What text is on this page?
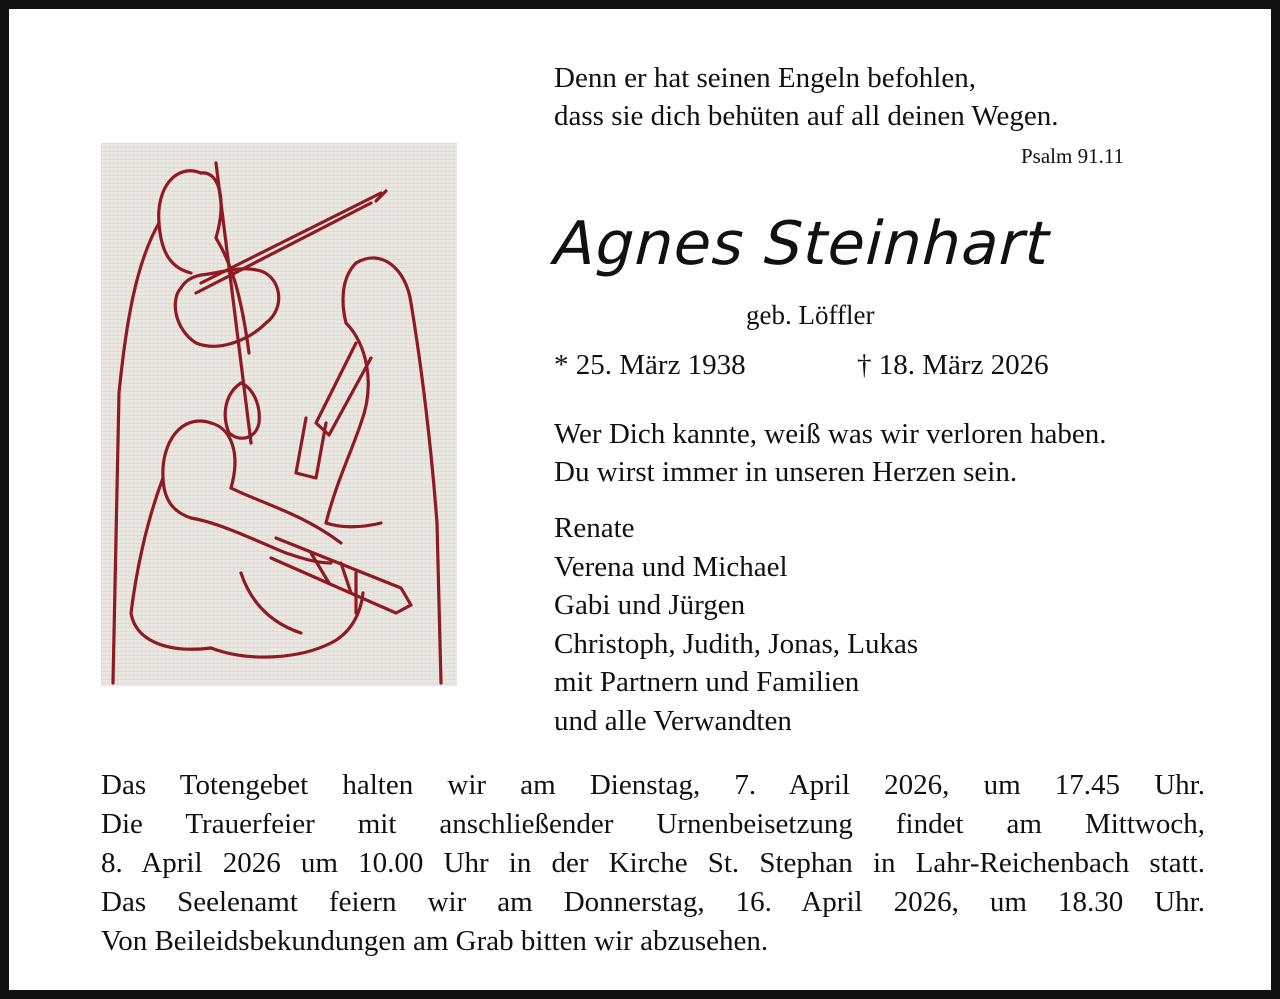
Denn er hat seinen Engeln befohlen,
dass sie dich behüten auf all deinen Wegen.
Psalm 91.11
Agnes Steinhart
geb. Löffler
* 25. März 1938	† 18. März 2026
Wer Dich kannte, weiß was wir verloren haben.
Du wirst immer in unseren Herzen sein.
Renate
Verena und Michael
Gabi und Jürgen
Christoph, Judith, Jonas, Lukas
mit Partnern und Familien
und alle Verwandten
Das Totengebet halten wir am Dienstag, 7. April 2026, um 17.45 Uhr.
Die Trauerfeier mit anschließender Urnenbeisetzung findet am Mittwoch,
8. April 2026 um 10.00 Uhr in der Kirche St. Stephan in Lahr-Reichenbach statt.
Das Seelenamt feiern wir am Donnerstag, 16. April 2026, um 18.30 Uhr.
Von Beileidsbekundungen am Grab bitten wir abzusehen.
